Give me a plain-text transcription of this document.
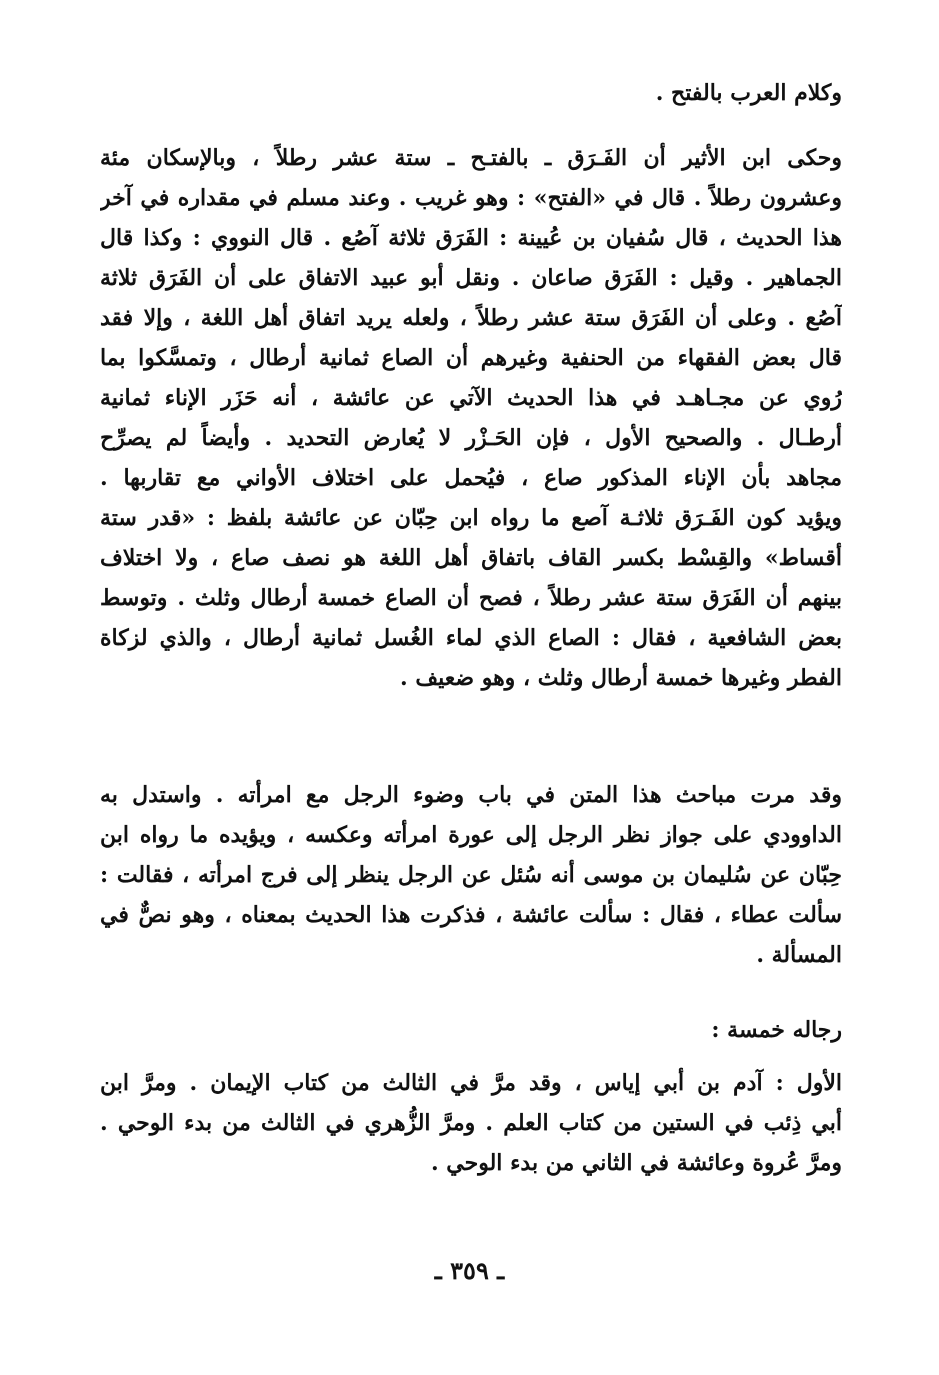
وكلام العرب بالفتح .
وحكى ابن الأثير أن الفَـرَق ـ بالفتـح ـ ستة عشر رطلاً ، وبالإسكان مئة
وعشرون رطلاً . قال في «الفتح» : وهو غريب . وعند مسلم في مقداره في آخر
هذا الحديث ، قال سُفيان بن عُيينة : الفَرَق ثلاثة آصُع . قال النووي : وكذا قال
الجماهير . وقيل : الفَرَق صاعان . ونقل أبو عبيد الاتفاق على أن الفَرَق ثلاثة
آصُع . وعلى أن الفَرَق ستة عشر رطلاً ، ولعله يريد اتفاق أهل اللغة ، وإلا فقد
قال بعض الفقهاء من الحنفية وغيرهم أن الصاع ثمانية أرطال ، وتمسَّكوا بما
رُوي عن مجـاهـد في هذا الحديث الآتي عن عائشة ، أنه حَزَر الإناء ثمانية
أرطـال . والصحيح الأول ، فإن الحَـزْر لا يُعارض التحديد . وأيضاً لم يصرِّح
مجاهد بأن الإناء المذكور صاع ، فيُحمل على اختلاف الأواني مع تقاربها .
ويؤيد كون الفَـرَق ثلاثـة آصع ما رواه ابن حِبّان عن عائشة بلفظ : «قدر ستة
أقساط» والقِسْط بكسر القاف باتفاق أهل اللغة هو نصف صاع ، ولا اختلاف
بينهم أن الفَرَق ستة عشر رطلاً ، فصح أن الصاع خمسة أرطال وثلث . وتوسط
بعض الشافعية ، فقال : الصاع الذي لماء الغُسل ثمانية أرطال ، والذي لزكاة
الفطر وغيرها خمسة أرطال وثلث ، وهو ضعيف .
وقد مرت مباحث هذا المتن في باب وضوء الرجل مع امرأته . واستدل به
الداوودي على جواز نظر الرجل إلى عورة امرأته وعكسه ، ويؤيده ما رواه ابن
حِبّان عن سُليمان بن موسى أنه سُئل عن الرجل ينظر إلى فرج امرأته ، فقالت :
سألت عطاء ، فقال : سألت عائشة ، فذكرت هذا الحديث بمعناه ، وهو نصٌّ في
المسألة .
رجاله خمسة :
الأول : آدم بن أبي إياس ، وقد مرَّ في الثالث من كتاب الإيمان . ومرَّ ابن
أبي ذِئب في الستين من كتاب العلم . ومرَّ الزُّهري في الثالث من بدء الوحي .
ومرَّ عُروة وعائشة في الثاني من بدء الوحي .
ـ ٣٥٩ ـ
